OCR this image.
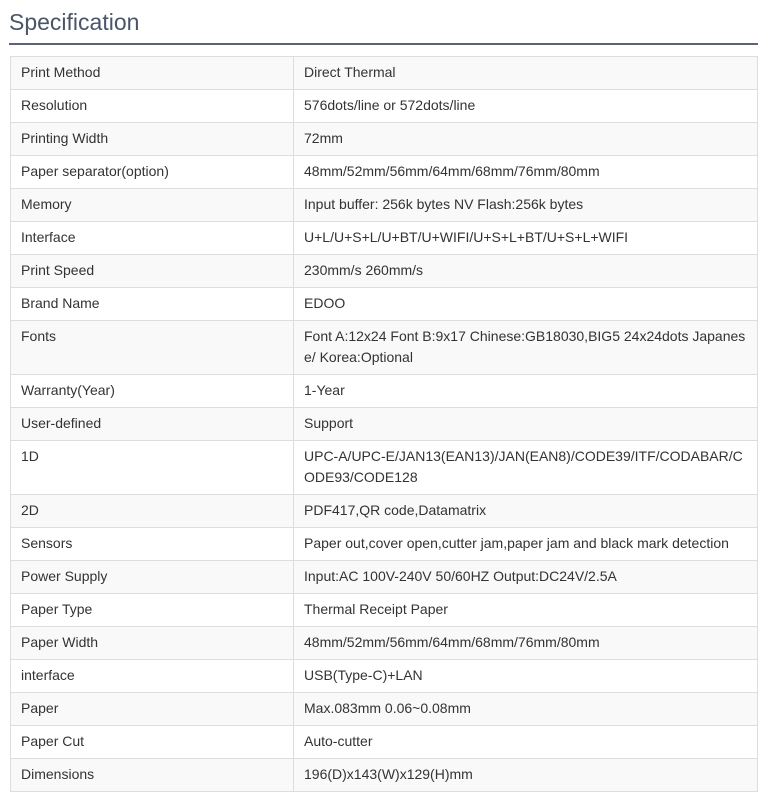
Specification
Print Method	Direct Thermal
Resolution	576dots/line or 572dots/line
Printing Width	72mm
Paper separator(option)	48mm/52mm/56mm/64mm/68mm/76mm/80mm
Memory	Input buffer: 256k bytes NV Flash:256k bytes
Interface	U+L/U+S+L/U+BT/U+WIFI/U+S+L+BT/U+S+L+WIFI
Print Speed	230mm/s 260mm/s
Brand Name	EDOO
Fonts	Font A:12x24 Font B:9x17 Chinese:GB18030,BIG5 24x24dots Japanese/ Korea:Optional
Warranty(Year)	1-Year
User-defined	Support
1D	UPC-A/UPC-E/JAN13(EAN13)/JAN(EAN8)/CODE39/ITF/CODABAR/CODE93/CODE128
2D	PDF417,QR code,Datamatrix
Sensors	Paper out,cover open,cutter jam,paper jam and black mark detection
Power Supply	Input:AC 100V-240V 50/60HZ Output:DC24V/2.5A
Paper Type	Thermal Receipt Paper
Paper Width	48mm/52mm/56mm/64mm/68mm/76mm/80mm
interface	USB(Type-C)+LAN
Paper	Max.083mm 0.06~0.08mm
Paper Cut	Auto-cutter
Dimensions	196(D)x143(W)x129(H)mm
